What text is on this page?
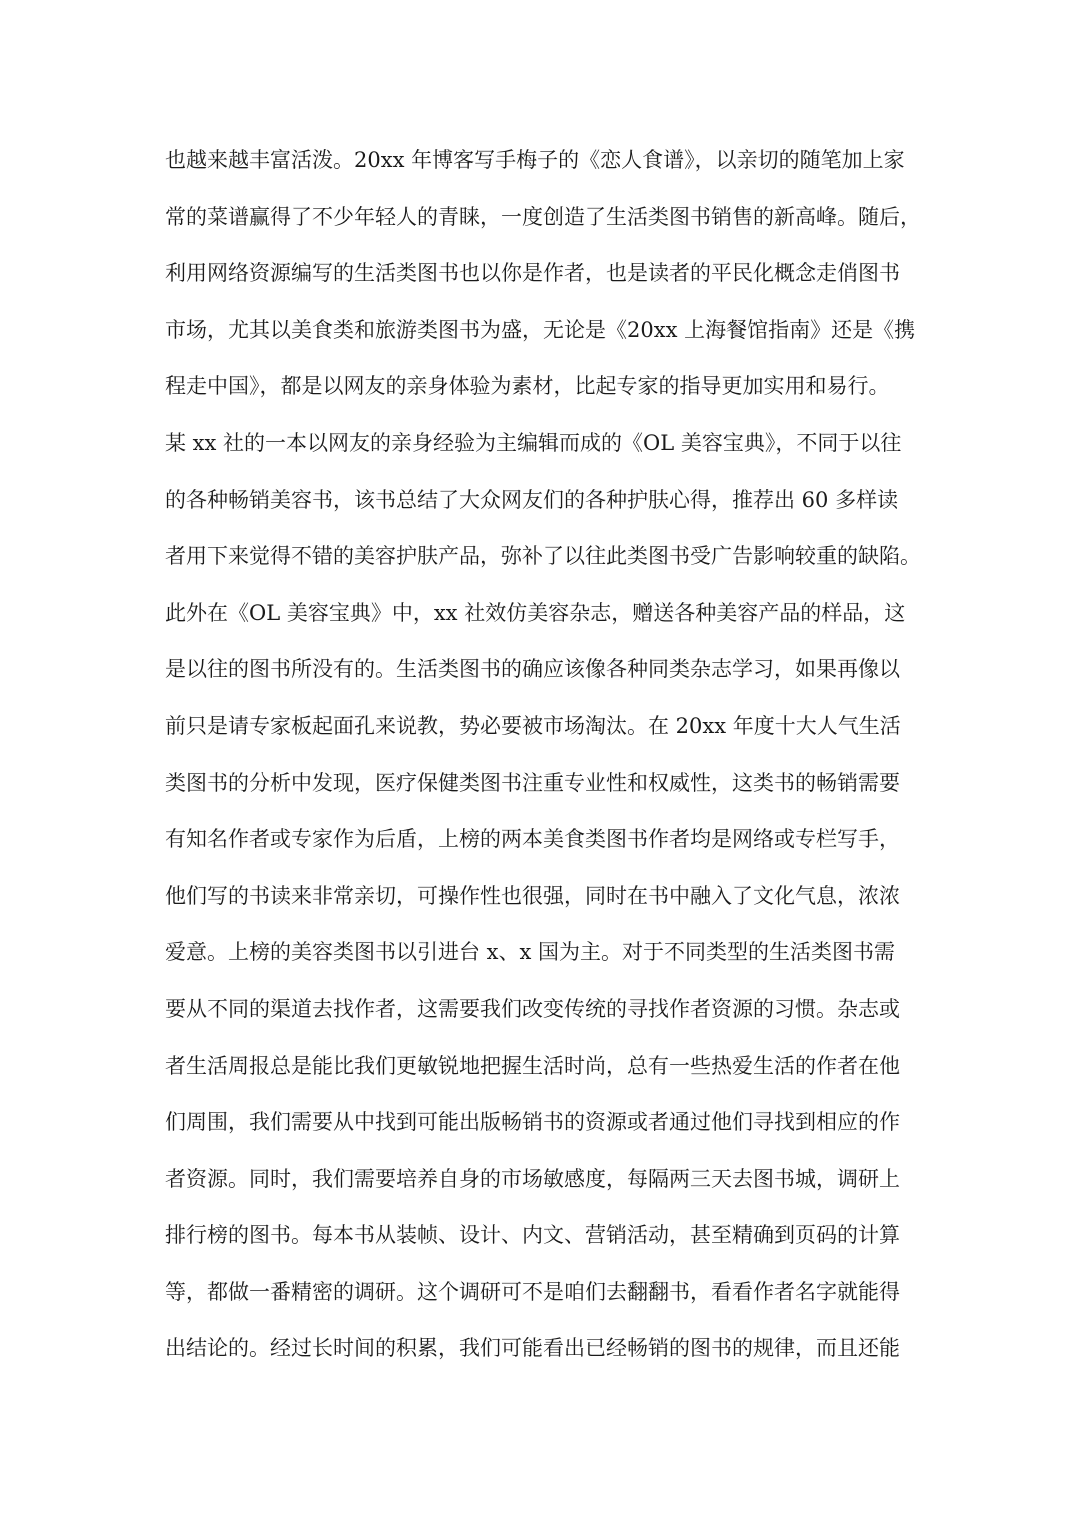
也越来越丰富活泼。20xx 年博客写手梅子的《恋人食谱》，以亲切的随笔加上家
常的菜谱赢得了不少年轻人的青睐，一度创造了生活类图书销售的新高峰。随后，
利用网络资源编写的生活类图书也以你是作者，也是读者的平民化概念走俏图书
市场，尤其以美食类和旅游类图书为盛，无论是《20xx 上海餐馆指南》还是《携
程走中国》，都是以网友的亲身体验为素材，比起专家的指导更加实用和易行。
某 xx 社的一本以网友的亲身经验为主编辑而成的《OL 美容宝典》，不同于以往
的各种畅销美容书，该书总结了大众网友们的各种护肤心得，推荐出 60 多样读
者用下来觉得不错的美容护肤产品，弥补了以往此类图书受广告影响较重的缺陷。
此外在《OL 美容宝典》中，xx 社效仿美容杂志，赠送各种美容产品的样品，这
是以往的图书所没有的。生活类图书的确应该像各种同类杂志学习，如果再像以
前只是请专家板起面孔来说教，势必要被市场淘汰。在 20xx 年度十大人气生活
类图书的分析中发现，医疗保健类图书注重专业性和权威性，这类书的畅销需要
有知名作者或专家作为后盾，上榜的两本美食类图书作者均是网络或专栏写手，
他们写的书读来非常亲切，可操作性也很强，同时在书中融入了文化气息，浓浓
爱意。上榜的美容类图书以引进台 x、x 国为主。对于不同类型的生活类图书需
要从不同的渠道去找作者，这需要我们改变传统的寻找作者资源的习惯。杂志或
者生活周报总是能比我们更敏锐地把握生活时尚，总有一些热爱生活的作者在他
们周围，我们需要从中找到可能出版畅销书的资源或者通过他们寻找到相应的作
者资源。同时，我们需要培养自身的市场敏感度，每隔两三天去图书城，调研上
排行榜的图书。每本书从装帧、设计、内文、营销活动，甚至精确到页码的计算
等，都做一番精密的调研。这个调研可不是咱们去翻翻书，看看作者名字就能得
出结论的。经过长时间的积累，我们可能看出已经畅销的图书的规律，而且还能
